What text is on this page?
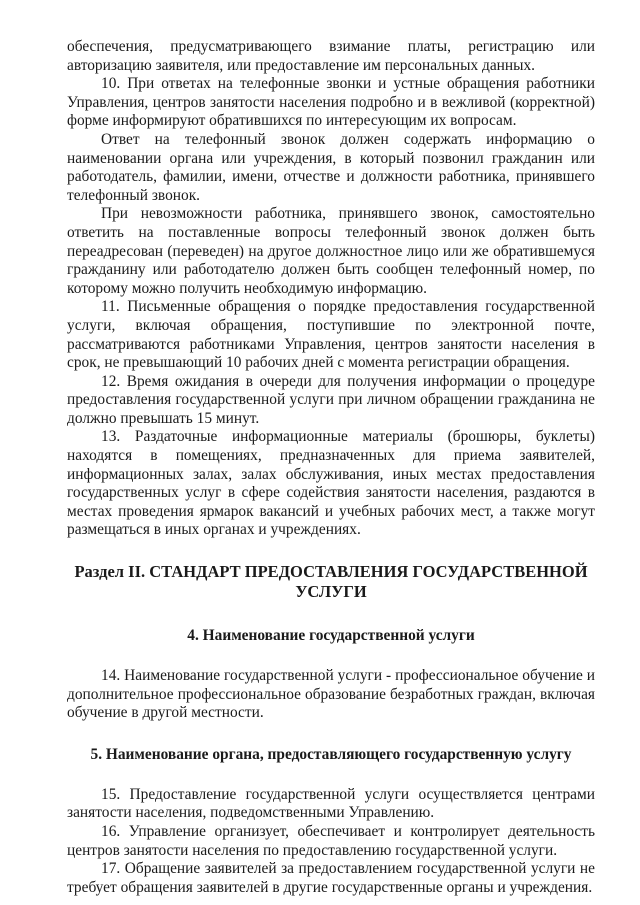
обеспечения, предусматривающего взимание платы, регистрацию или авторизацию заявителя, или предоставление им персональных данных.

10. При ответах на телефонные звонки и устные обращения работники Управления, центров занятости населения подробно и в вежливой (корректной) форме информируют обратившихся по интересующим их вопросам.

Ответ на телефонный звонок должен содержать информацию о наименовании органа или учреждения, в который позвонил гражданин или работодатель, фамилии, имени, отчестве и должности работника, принявшего телефонный звонок.

При невозможности работника, принявшего звонок, самостоятельно ответить на поставленные вопросы телефонный звонок должен быть переадресован (переведен) на другое должностное лицо или же обратившемуся гражданину или работодателю должен быть сообщен телефонный номер, по которому можно получить необходимую информацию.

11. Письменные обращения о порядке предоставления государственной услуги, включая обращения, поступившие по электронной почте, рассматриваются работниками Управления, центров занятости населения в срок, не превышающий 10 рабочих дней с момента регистрации обращения.

12. Время ожидания в очереди для получения информации о процедуре предоставления государственной услуги при личном обращении гражданина не должно превышать 15 минут.

13. Раздаточные информационные материалы (брошюры, буклеты) находятся в помещениях, предназначенных для приема заявителей, информационных залах, залах обслуживания, иных местах предоставления государственных услуг в сфере содействия занятости населения, раздаются в местах проведения ярмарок вакансий и учебных рабочих мест, а также могут размещаться в иных органах и учреждениях.

Раздел II. СТАНДАРТ ПРЕДОСТАВЛЕНИЯ ГОСУДАРСТВЕННОЙ УСЛУГИ
4. Наименование государственной услуги

14. Наименование государственной услуги - профессиональное обучение и дополнительное профессиональное образование безработных граждан, включая обучение в другой местности.

5. Наименование органа, предоставляющего государственную услугу

15. Предоставление государственной услуги осуществляется центрами занятости населения, подведомственными Управлению.

16. Управление организует, обеспечивает и контролирует деятельность центров занятости населения по предоставлению государственной услуги.

17. Обращение заявителей за предоставлением государственной услуги не требует обращения заявителей в другие государственные органы и учреждения.
